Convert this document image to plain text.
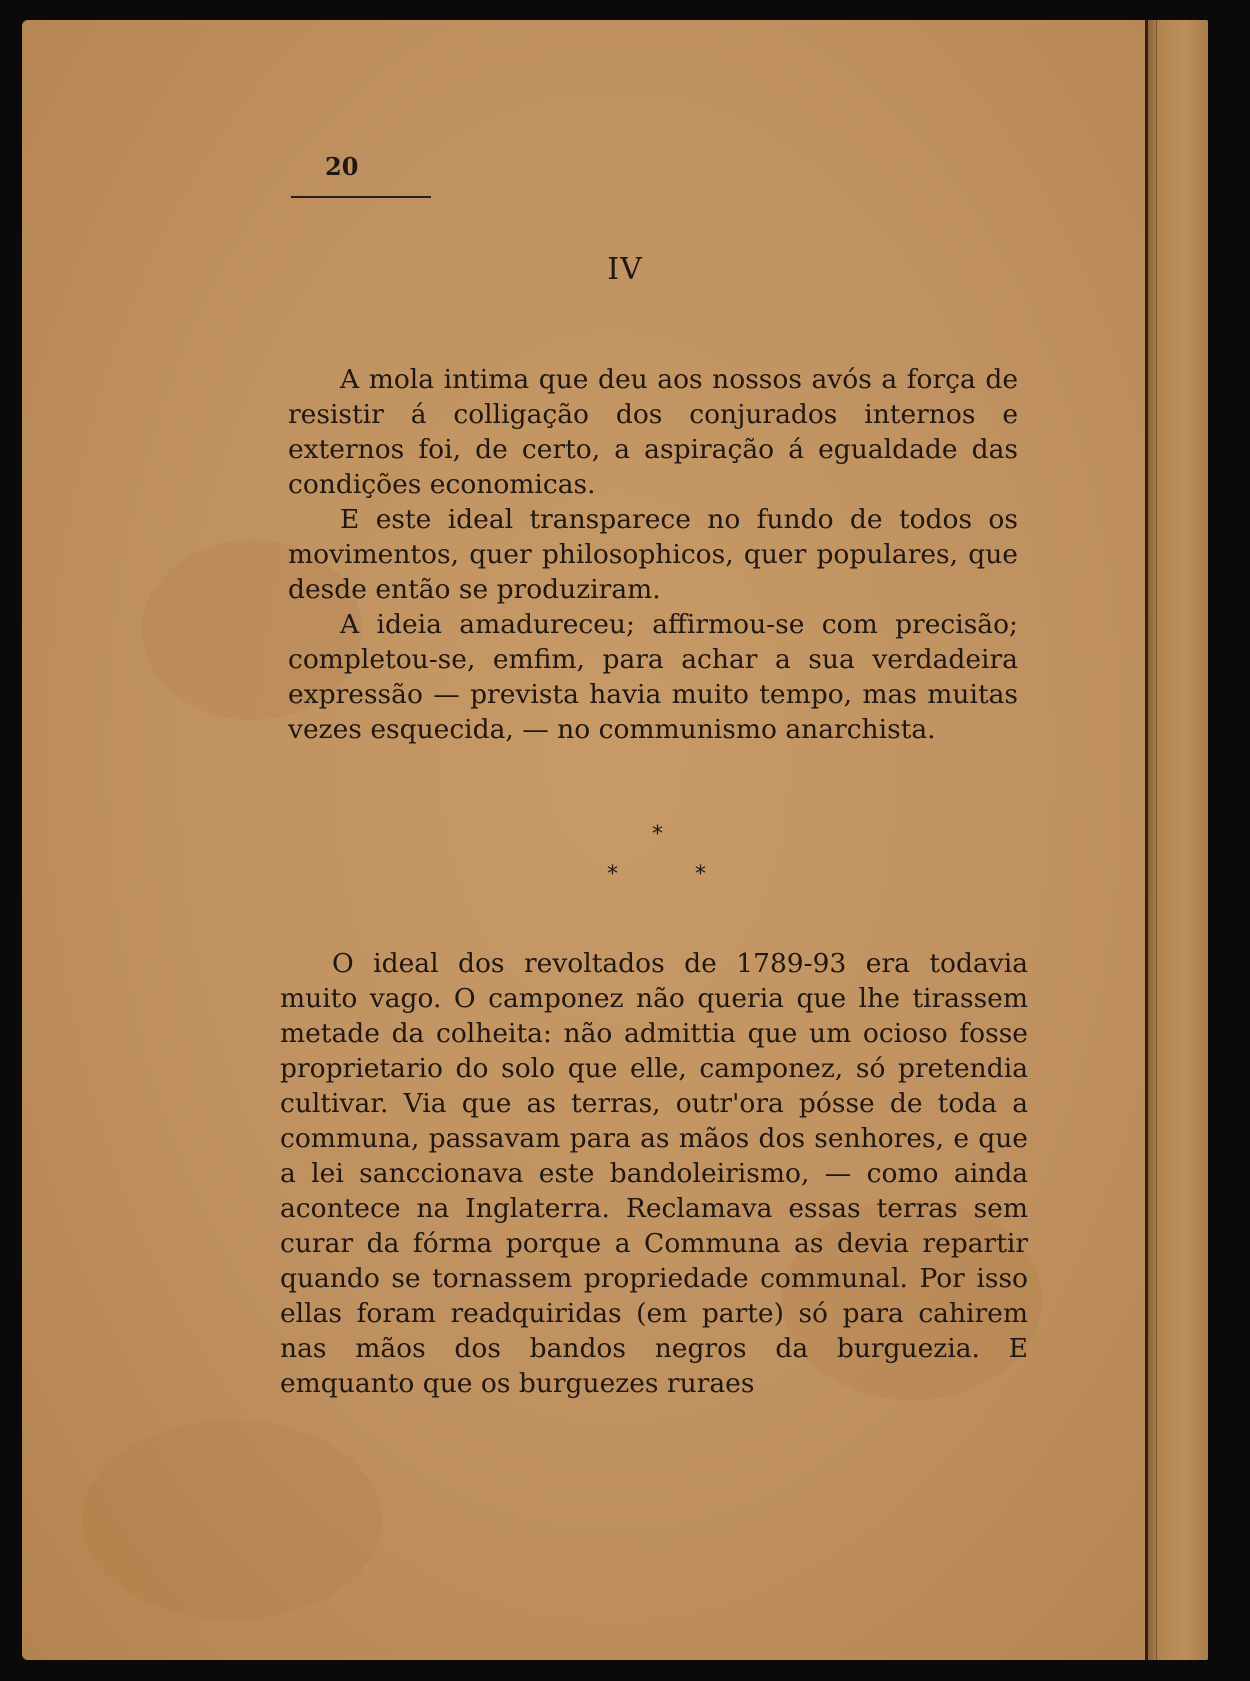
20
IV

A mola intima que deu aos nossos avós a força de resistir á colligação dos conjurados internos e externos foi, de certo, a aspiração á egualdade das condições economicas.

E este ideal transparece no fundo de todos os movimentos, quer philosophicos, quer populares, que desde então se produziram.

A ideia amadureceu; affirmou-se com precisão; completou-se, emfim, para achar a sua verdadeira expressão — prevista havia muito tempo, mas muitas vezes esquecida, — no communismo anarchista.

*
*	*

O ideal dos revoltados de 1789-93 era todavia muito vago. O camponez não queria que lhe tirassem metade da colheita: não admittia que um ocioso fosse proprietario do solo que elle, camponez, só pretendia cultivar. Via que as terras, outr'ora pósse de toda a communa, passavam para as mãos dos senhores, e que a lei sanccionava este bandoleirismo, — como ainda acontece na Inglaterra. Reclamava essas terras sem curar da fórma porque a Communa as devia repartir quando se tornassem propriedade communal. Por isso ellas foram readquiridas (em parte) só para cahirem nas mãos dos bandos negros da burguezia. E emquanto que os burguezes ruraes
